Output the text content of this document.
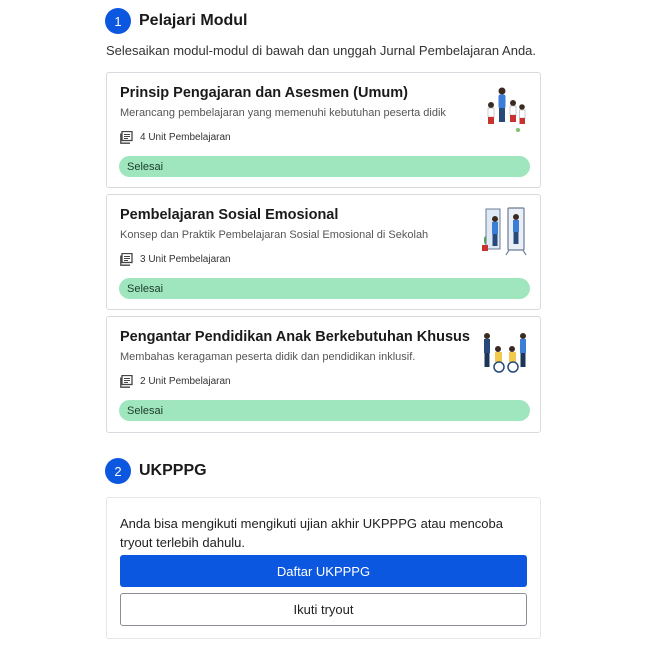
1	Pelajari Modul
Selesaikan modul-modul di bawah dan unggah Jurnal Pembelajaran Anda.
Prinsip Pengajaran dan Asesmen (Umum)
Merancang pembelajaran yang memenuhi kebutuhan peserta didik
4 Unit Pembelajaran
Selesai
Pembelajaran Sosial Emosional
Konsep dan Praktik Pembelajaran Sosial Emosional di Sekolah
3 Unit Pembelajaran
Selesai
Pengantar Pendidikan Anak Berkebutuhan Khusus
Membahas keragaman peserta didik dan pendidikan inklusif.
2 Unit Pembelajaran
Selesai
2	UKPPPG
Anda bisa mengikuti mengikuti ujian akhir UKPPPG atau mencoba tryout terlebih dahulu.
Daftar UKPPPG
Ikuti tryout
